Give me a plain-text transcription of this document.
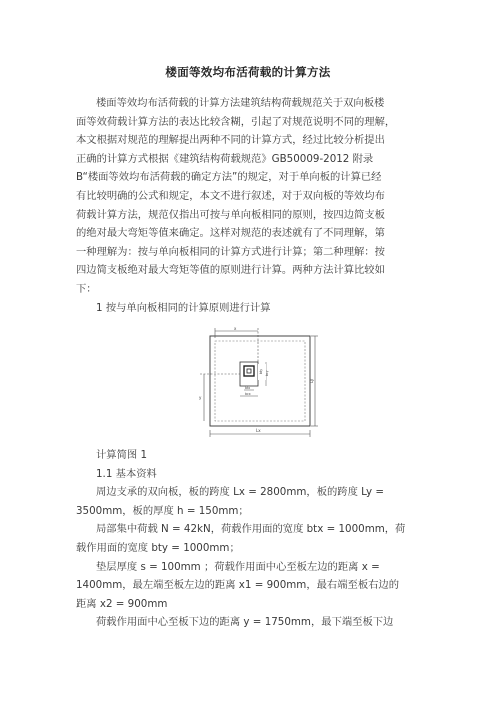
楼面等效均布活荷载的计算方法
楼面等效均布活荷载的计算方法建筑结构荷载规范关于双向板楼
面等效荷载计算方法的表达比较含糊，引起了对规范说明不同的理解，
本文根据对规范的理解提出两种不同的计算方式，经过比较分析提出
正确的计算方式根据《建筑结构荷载规范》GB50009-2012 附录
B“楼面等效均布活荷载的确定方法”的规定，对于单向板的计算已经
有比较明确的公式和规定，本文不进行叙述，对于双向板的等效均布
荷载计算方法，规范仅指出可按与单向板相同的原则，按四边简支板
的绝对最大弯矩等值来确定。这样对规范的表述就有了不同理解，第
一种理解为：按与单向板相同的计算方式进行计算；第二种理解：按
四边简支板绝对最大弯矩等值的原则进行计算。两种方法计算比较如
下：
1 按与单向板相同的计算原则进行计算
x
y
Ly
Lx
bty bcy
btx
bcx
计算简图 1
1.1 基本资料
周边支承的双向板，板的跨度 Lx = 2800mm，板的跨度 Ly =
3500mm，板的厚度 h = 150mm；
局部集中荷载 N = 42kN，荷载作用面的宽度 btx = 1000mm，荷
载作用面的宽度 bty = 1000mm；
垫层厚度 s = 100mm ；荷载作用面中心至板左边的距离 x =
1400mm，最左端至板左边的距离 x1 = 900mm，最右端至板右边的
距离 x2 = 900mm
荷载作用面中心至板下边的距离 y = 1750mm，最下端至板下边
